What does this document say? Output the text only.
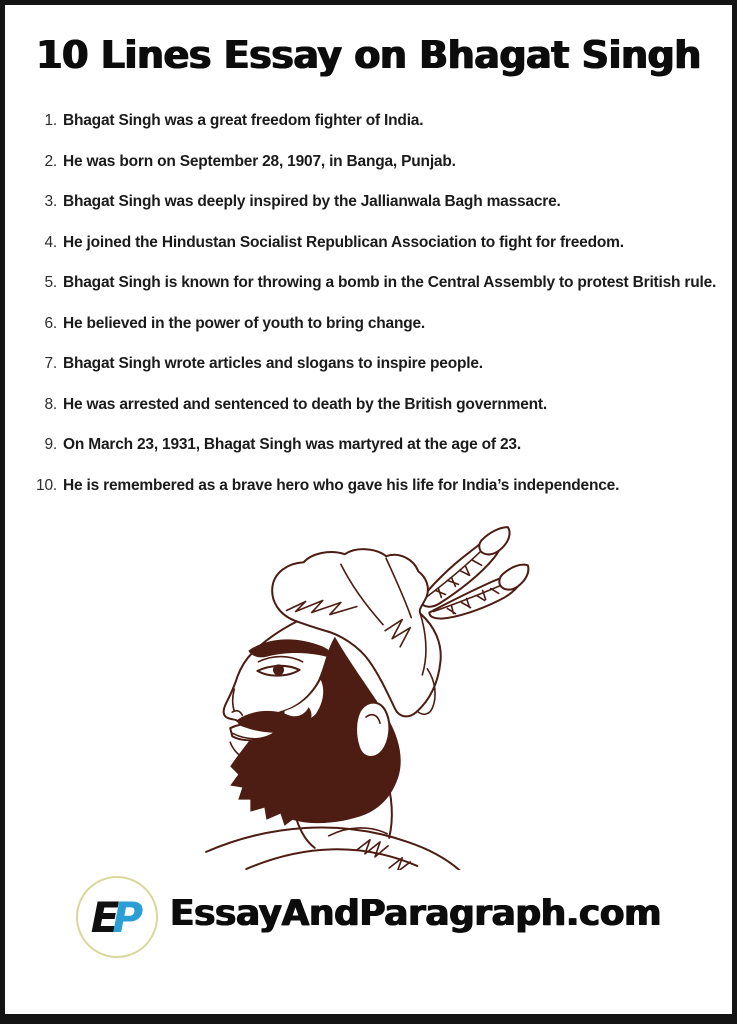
10 Lines Essay on Bhagat Singh
1. Bhagat Singh was a great freedom fighter of India.
2. He was born on September 28, 1907, in Banga, Punjab.
3. Bhagat Singh was deeply inspired by the Jallianwala Bagh massacre.
4. He joined the Hindustan Socialist Republican Association to fight for freedom.
5. Bhagat Singh is known for throwing a bomb in the Central Assembly to protest British rule.
6. He believed in the power of youth to bring change.
7. Bhagat Singh wrote articles and slogans to inspire people.
8. He was arrested and sentenced to death by the British government.
9. On March 23, 1931, Bhagat Singh was martyred at the age of 23.
10. He is remembered as a brave hero who gave his life for India’s independence.
EP EssayAndParagraph.com
